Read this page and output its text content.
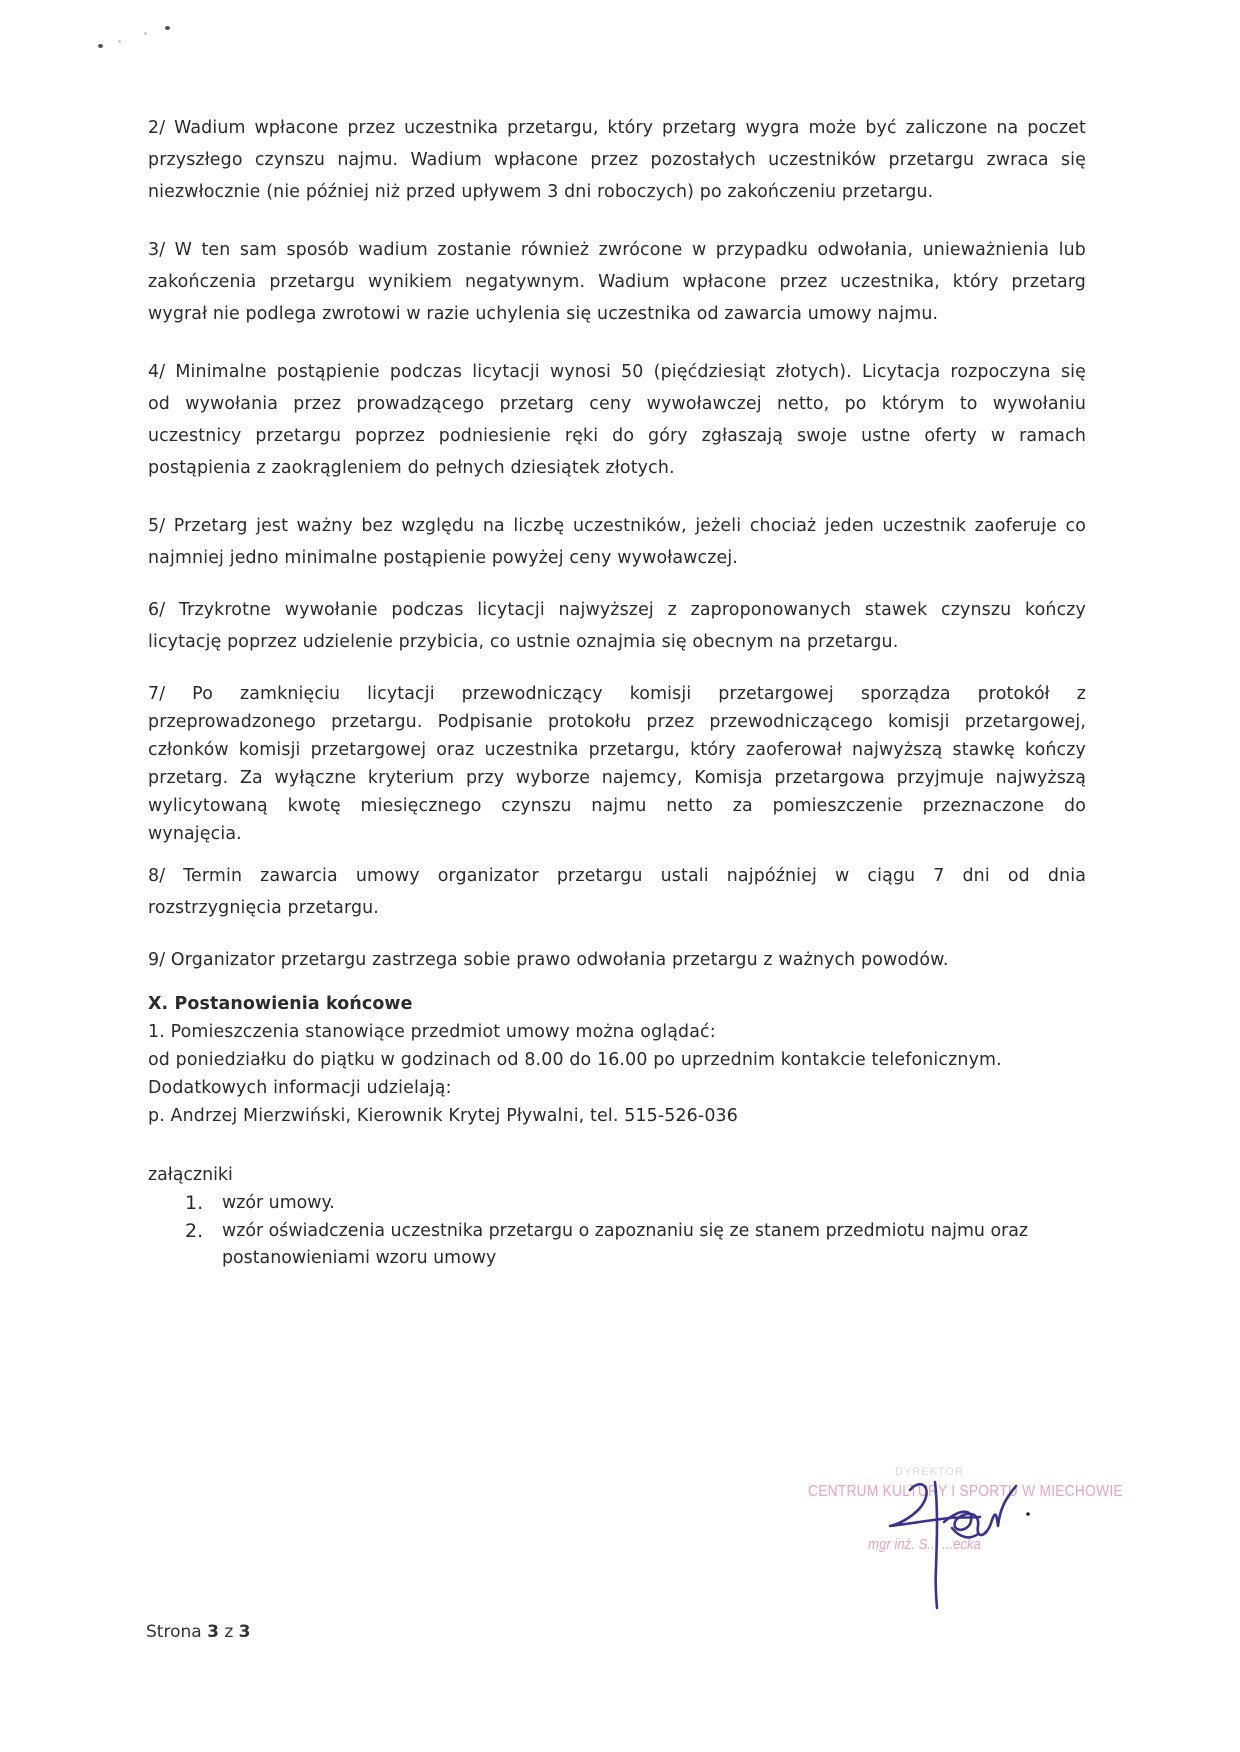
2/ Wadium wpłacone przez uczestnika przetargu, który przetarg wygra może być zaliczone na poczet
przyszłego czynszu najmu. Wadium wpłacone przez pozostałych uczestników przetargu zwraca się
niezwłocznie (nie później niż przed upływem 3 dni roboczych) po zakończeniu przetargu.
3/ W ten sam sposób wadium zostanie również zwrócone w przypadku odwołania, unieważnienia lub
zakończenia przetargu wynikiem negatywnym. Wadium wpłacone przez uczestnika, który przetarg
wygrał nie podlega zwrotowi w razie uchylenia się uczestnika od zawarcia umowy najmu.
4/ Minimalne postąpienie podczas licytacji wynosi 50 (pięćdziesiąt złotych). Licytacja rozpoczyna się
od wywołania przez prowadzącego przetarg ceny wywoławczej netto, po którym to wywołaniu
uczestnicy przetargu poprzez podniesienie ręki do góry zgłaszają swoje ustne oferty w ramach
postąpienia z zaokrągleniem do pełnych dziesiątek złotych.
5/ Przetarg jest ważny bez względu na liczbę uczestników, jeżeli chociaż jeden uczestnik zaoferuje co
najmniej jedno minimalne postąpienie powyżej ceny wywoławczej.
6/ Trzykrotne wywołanie podczas licytacji najwyższej z zaproponowanych stawek czynszu kończy
licytację poprzez udzielenie przybicia, co ustnie oznajmia się obecnym na przetargu.
7/ Po zamknięciu licytacji przewodniczący komisji przetargowej sporządza protokół z
przeprowadzonego przetargu. Podpisanie protokołu przez przewodniczącego komisji przetargowej,
członków komisji przetargowej oraz uczestnika przetargu, który zaoferował najwyższą stawkę kończy
przetarg. Za wyłączne kryterium przy wyborze najemcy, Komisja przetargowa przyjmuje najwyższą
wylicytowaną kwotę miesięcznego czynszu najmu netto za pomieszczenie przeznaczone do
wynajęcia.
8/ Termin zawarcia umowy organizator przetargu ustali najpóźniej w ciągu 7 dni od dnia
rozstrzygnięcia przetargu.
9/ Organizator przetargu zastrzega sobie prawo odwołania przetargu z ważnych powodów.
X. Postanowienia końcowe
1. Pomieszczenia stanowiące przedmiot umowy można oglądać:
od poniedziałku do piątku w godzinach od 8.00 do 16.00 po uprzednim kontakcie telefonicznym.
Dodatkowych informacji udzielają:
p. Andrzej Mierzwiński, Kierownik Krytej Pływalni, tel. 515-526-036
załączniki
1. wzór umowy.
2. wzór oświadczenia uczestnika przetargu o zapoznaniu się ze stanem przedmiotu najmu oraz
postanowieniami wzoru umowy
DYREKTOR
CENTRUM KULTURY I SPORTU W MIECHOWIE
mgr inż. S... ...ecka
Strona 3 z 3
